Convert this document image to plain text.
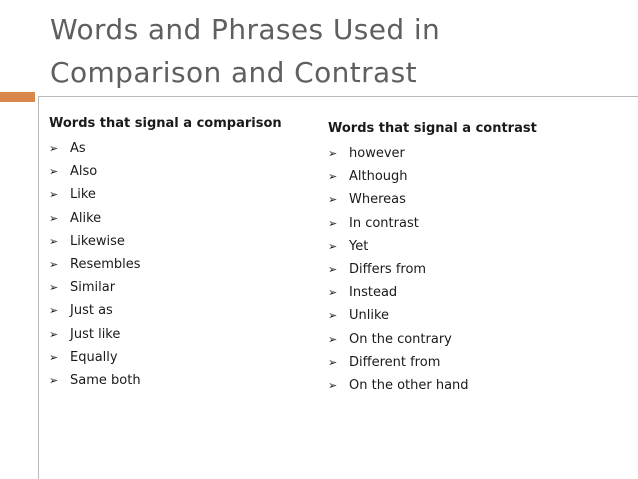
Words and Phrases Used in
Comparison and Contrast
Words that signal a comparison
➢ As
➢ Also
➢ Like
➢ Alike
➢ Likewise
➢ Resembles
➢ Similar
➢ Just as
➢ Just like
➢ Equally
➢ Same both
Words that signal a contrast
➢ however
➢ Although
➢ Whereas
➢ In contrast
➢ Yet
➢ Differs from
➢ Instead
➢ Unlike
➢ On the contrary
➢ Different from
➢ On the other hand
